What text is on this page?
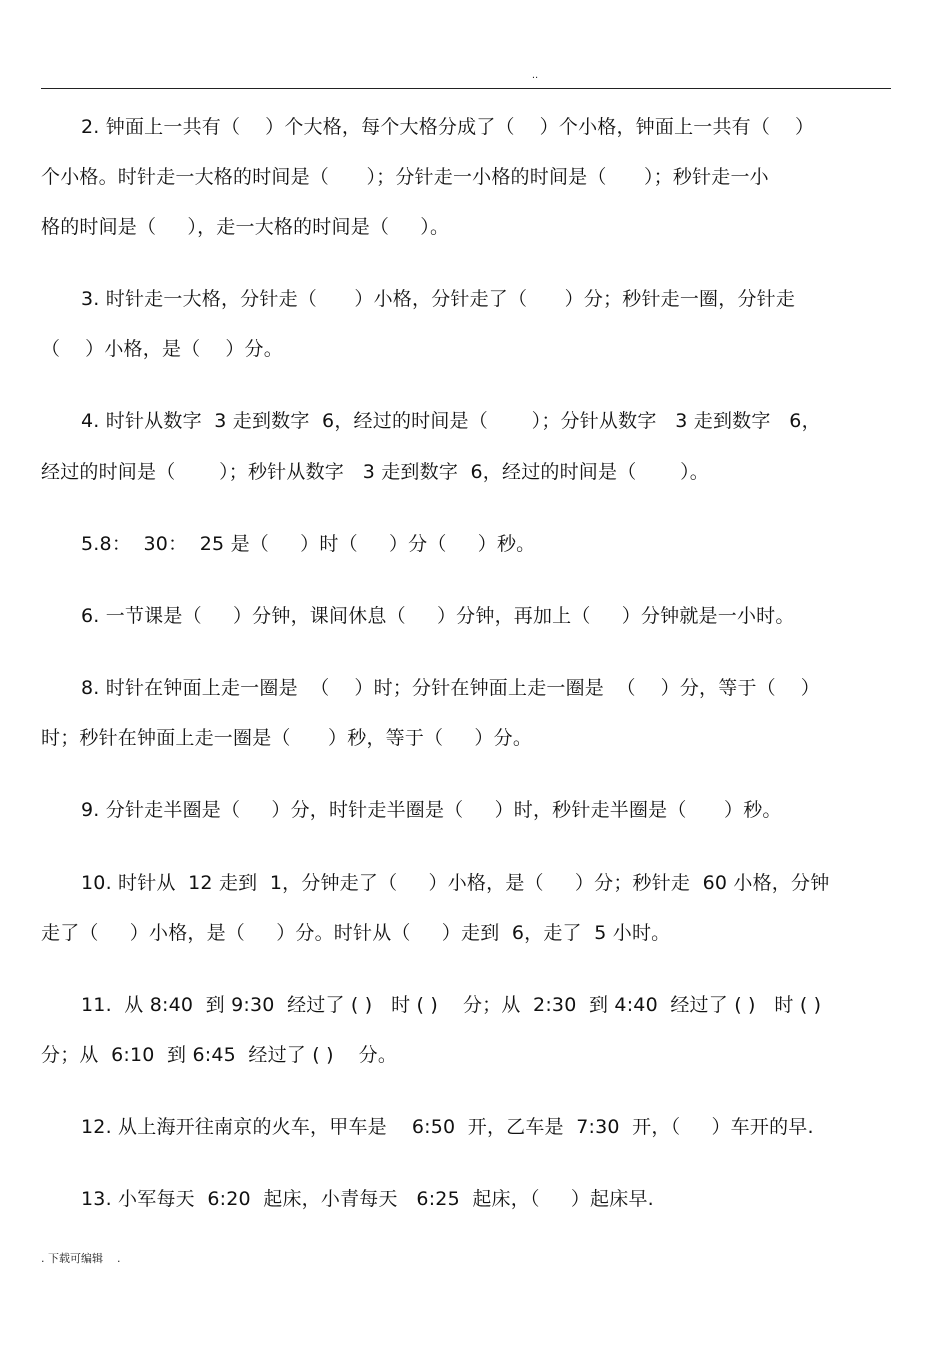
..
2. 钟面上一共有（    ）个大格，每个大格分成了（    ）个小格，钟面上一共有（    ）
个小格。时针走一大格的时间是（      ）；分针走一小格的时间是（      ）；秒针走一小
格的时间是（     ），走一大格的时间是（     ）。
3. 时针走一大格，分针走（      ）小格，分针走了（      ）分；秒针走一圈，分针走
（    ）小格，是（    ）分。
4. 时针从数字  3 走到数字  6，经过的时间是（       ）；分针从数字   3 走到数字   6，
经过的时间是（       ）；秒针从数字   3 走到数字  6，经过的时间是（       ）。
5.8：  30：  25 是（     ）时（     ）分（     ）秒。
6. 一节课是（     ）分钟，课间休息（     ）分钟，再加上（     ）分钟就是一小时。
8. 时针在钟面上走一圈是  （    ）时；分针在钟面上走一圈是  （    ）分，等于（    ）
时；秒针在钟面上走一圈是（      ）秒，等于（     ）分。
9. 分针走半圈是（     ）分，时针走半圈是（     ）时，秒针走半圈是（      ）秒。
10. 时针从  12 走到  1，分钟走了（     ）小格，是（     ）分；秒针走  60 小格，分钟
走了（     ）小格，是（     ）分。时针从（     ）走到  6，走了  5 小时。
11.  从 8:40  到 9:30  经过了 ( )   时 ( )    分；从  2:30  到 4:40  经过了 ( )   时 ( )
分；从  6:10  到 6:45  经过了 ( )    分。
12. 从上海开往南京的火车，甲车是    6:50  开，乙车是  7:30  开，（     ）车开的早.
13. 小军每天  6:20  起床，小青每天   6:25  起床，（     ）起床早.
. 下载可编辑    .
